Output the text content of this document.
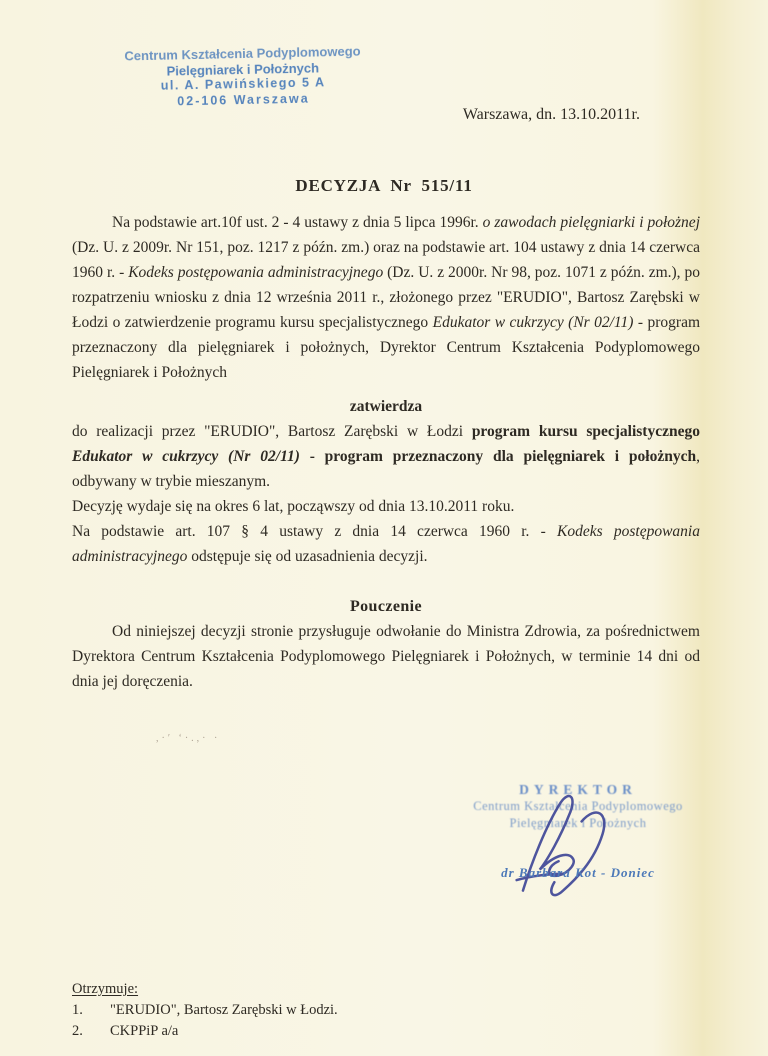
Centrum Kształcenia Podyplomowego
Pielęgniarek i Położnych
ul. A. Pawińskiego 5 A
02-106 Warszawa
Warszawa, dn. 13.10.2011r.
DECYZJA Nr 515/11

Na podstawie art.10f ust. 2 - 4 ustawy z dnia 5 lipca 1996r. o zawodach pielęgniarki i położnej (Dz. U. z 2009r. Nr 151, poz. 1217 z późn. zm.) oraz na podstawie art. 104 ustawy z dnia 14 czerwca 1960 r. - Kodeks postępowania administracyjnego (Dz. U. z 2000r. Nr 98, poz. 1071 z późn. zm.), po rozpatrzeniu wniosku z dnia 12 września 2011 r., złożonego przez "ERUDIO", Bartosz Zarębski w Łodzi o zatwierdzenie programu kursu specjalistycznego Edukator w cukrzycy (Nr 02/11) - program przeznaczony dla pielęgniarek i położnych, Dyrektor Centrum Kształcenia Podyplomowego Pielęgniarek i Położnych

zatwierdza

do realizacji przez "ERUDIO", Bartosz Zarębski w Łodzi program kursu specjalistycznego Edukator w cukrzycy (Nr 02/11) - program przeznaczony dla pielęgniarek i położnych, odbywany w trybie mieszanym.

Decyzję wydaje się na okres 6 lat, począwszy od dnia 13.10.2011 roku.

Na podstawie art. 107 § 4 ustawy z dnia 14 czerwca 1960 r. - Kodeks postępowania administracyjnego odstępuje się od uzasadnienia decyzji.

Pouczenie

Od niniejszej decyzji stronie przysługuje odwołanie do Ministra Zdrowia, za pośrednictwem Dyrektora Centrum Kształcenia Podyplomowego Pielęgniarek i Położnych, w terminie 14 dni od dnia jej doręczenia.

,·ʹ ʻ·.,· ·
DYREKTOR
Centrum Kształcenia Podyplomowego
Pielęgniarek i Położnych
dr Barbara Kot - Doniec
Otrzymuje:
1.	"ERUDIO", Bartosz Zarębski w Łodzi.
2.	CKPPiP a/a
